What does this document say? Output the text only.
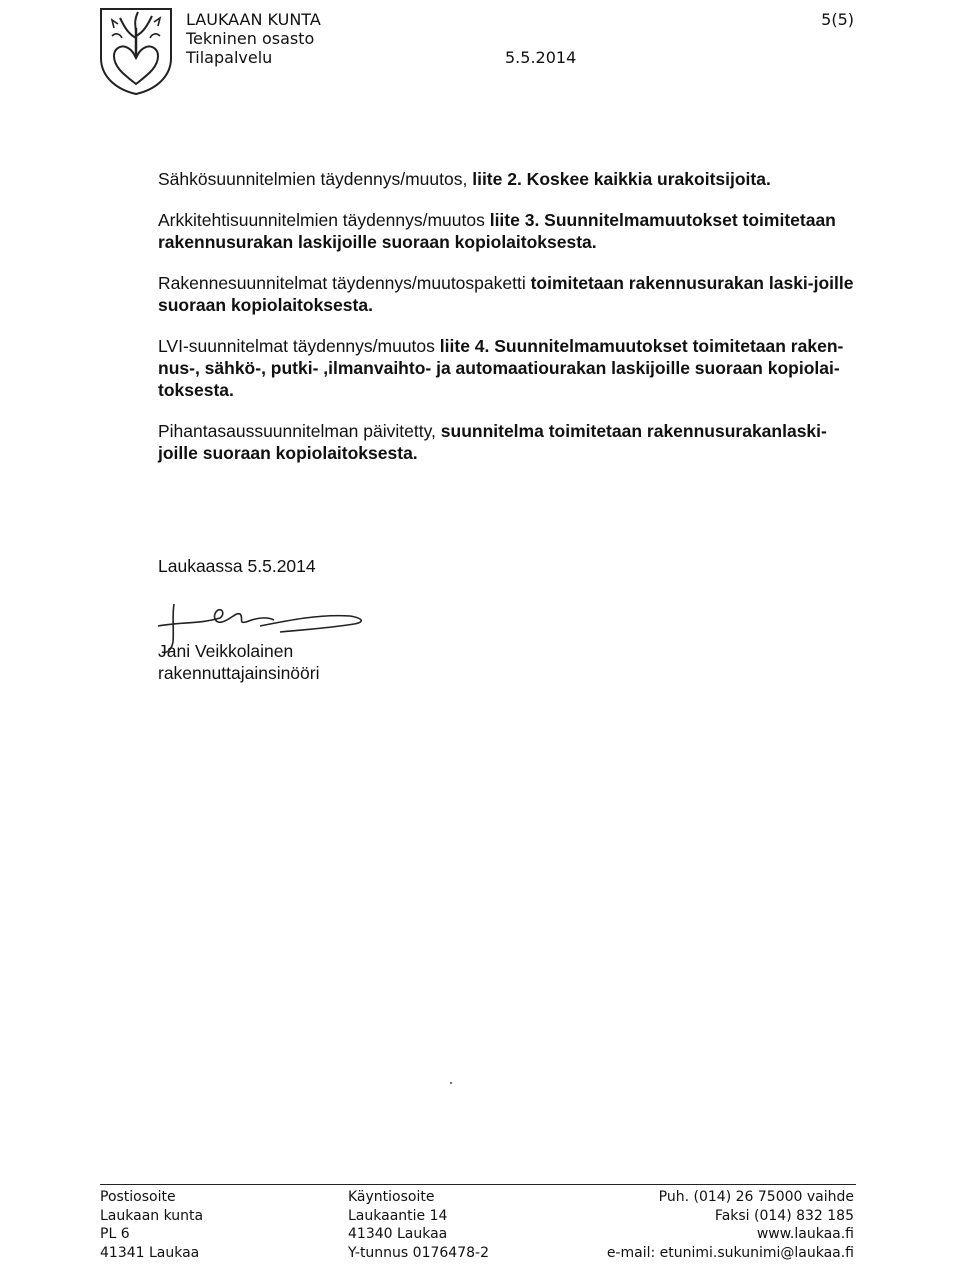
LAUKAAN KUNTA
Tekninen osasto
Tilapalvelu	5.5.2014
5(5)

Sähkösuunnitelmien täydennys/muutos, liite 2. Koskee kaikkia urakoitsijoita.

Arkkitehtisuunnitelmien täydennys/muutos liite 3. Suunnitelmamuutokset toimitetaan rakennusurakan laskijoille suoraan kopiolaitoksesta.

Rakennesuunnitelmat täydennys/muutospaketti toimitetaan rakennusurakan laski-joille suoraan kopiolaitoksesta.

LVI-suunnitelmat täydennys/muutos liite 4. Suunnitelmamuutokset toimitetaan raken-nus-, sähkö-, putki- ,ilmanvaihto- ja automaatiourakan laskijoille suoraan kopiolai-toksesta.

Pihantasaussuunnitelman päivitetty, suunnitelma toimitetaan rakennusurakanlaski-joille suoraan kopiolaitoksesta.

Laukaassa 5.5.2014
Jani Veikkolainen
rakennuttajainsinööri
Postiosoite
Laukaan kunta
PL 6
41341 Laukaa
Käyntiosoite
Laukaantie 14
41340 Laukaa
Y-tunnus 0176478-2
Puh. (014) 26 75000 vaihde
Faksi (014) 832 185
www.laukaa.fi
e-mail: etunimi.sukunimi@laukaa.fi
